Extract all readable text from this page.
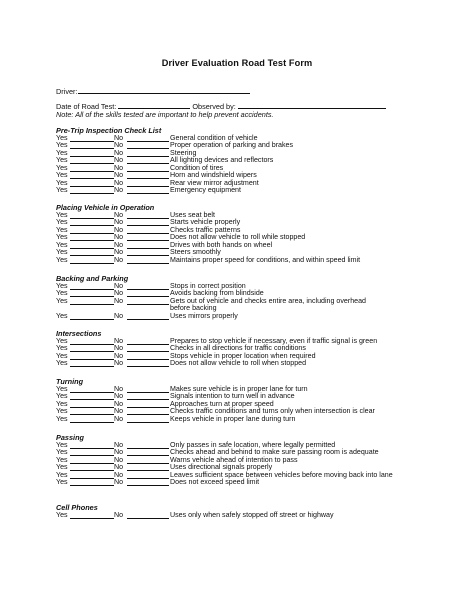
Driver Evaluation Road Test Form
Driver:
Date of Road Test:	Observed by:
Note: All of the skills tested are important to help prevent accidents.
Pre-Trip Inspection Check List
Yes	No	General condition of vehicle
Yes	No	Proper operation of parking and brakes
Yes	No	Steering
Yes	No	All lighting devices and reflectors
Yes	No	Condition of tires
Yes	No	Horn and windshield wipers
Yes	No	Rear view mirror adjustment
Yes	No	Emergency equipment
Placing Vehicle in Operation
Yes	No	Uses seat belt
Yes	No	Starts vehicle properly
Yes	No	Checks traffic patterns
Yes	No	Does not allow vehicle to roll while stopped
Yes	No	Drives with both hands on wheel
Yes	No	Steers smoothly
Yes	No	Maintains proper speed for conditions, and within speed limit
Backing and Parking
Yes	No	Stops in correct position
Yes	No	Avoids backing from blindside
Yes	No	Gets out of vehicle and checks entire area, including overhead
before backing
Yes	No	Uses mirrors properly
Intersections
Yes	No	Prepares to stop vehicle if necessary, even if traffic signal is green
Yes	No	Checks in all directions for traffic conditions
Yes	No	Stops vehicle in proper location when required
Yes	No	Does not allow vehicle to roll when stopped
Turning
Yes	No	Makes sure vehicle is in proper lane for turn
Yes	No	Signals intention to turn well in advance
Yes	No	Approaches turn at proper speed
Yes	No	Checks traffic conditions and turns only when intersection is clear
Yes	No	Keeps vehicle in proper lane during turn
Passing
Yes	No	Only passes in safe location, where legally permitted
Yes	No	Checks ahead and behind to make sure passing room is adequate
Yes	No	Warns vehicle ahead of intention to pass
Yes	No	Uses directional signals properly
Yes	No	Leaves sufficient space between vehicles before moving back into lane
Yes	No	Does not exceed speed limit
Cell Phones
Yes	No	Uses only when safely stopped off street or highway
